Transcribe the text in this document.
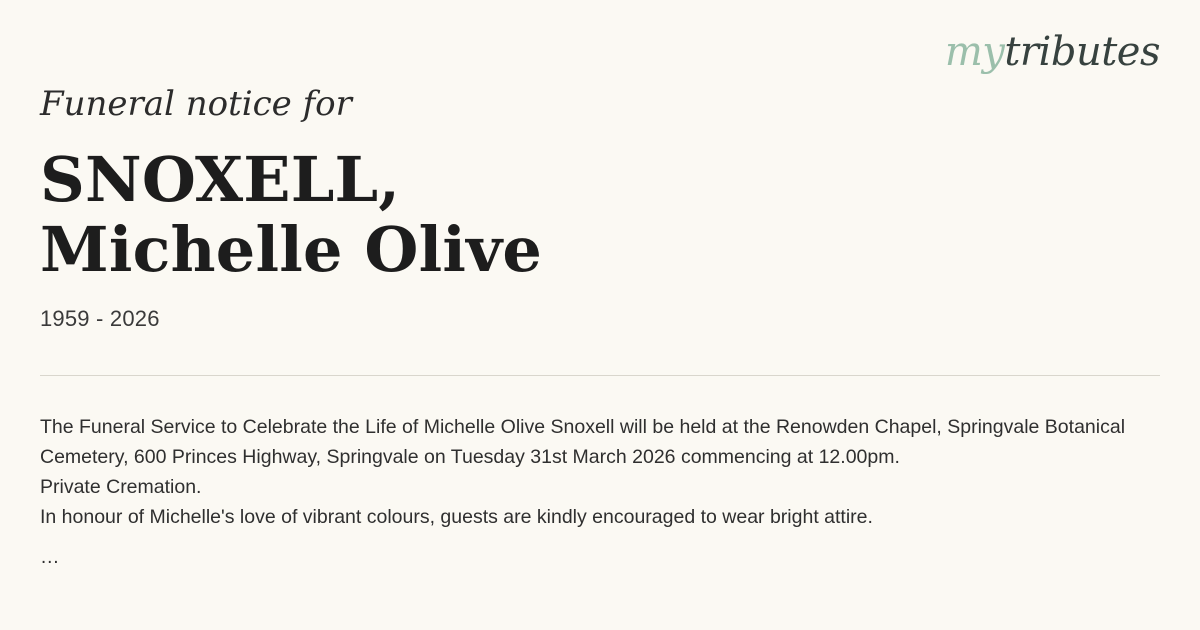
mytributes
Funeral notice for
SNOXELL,
Michelle Olive
1959 - 2026

The Funeral Service to Celebrate the Life of Michelle Olive Snoxell will be held at the Renowden Chapel, Springvale Botanical Cemetery, 600 Princes Highway, Springvale on Tuesday 31st March 2026 commencing at 12.00pm.

Private Cremation.

In honour of Michelle's love of vibrant colours, guests are kindly encouraged to wear bright attire.

…
